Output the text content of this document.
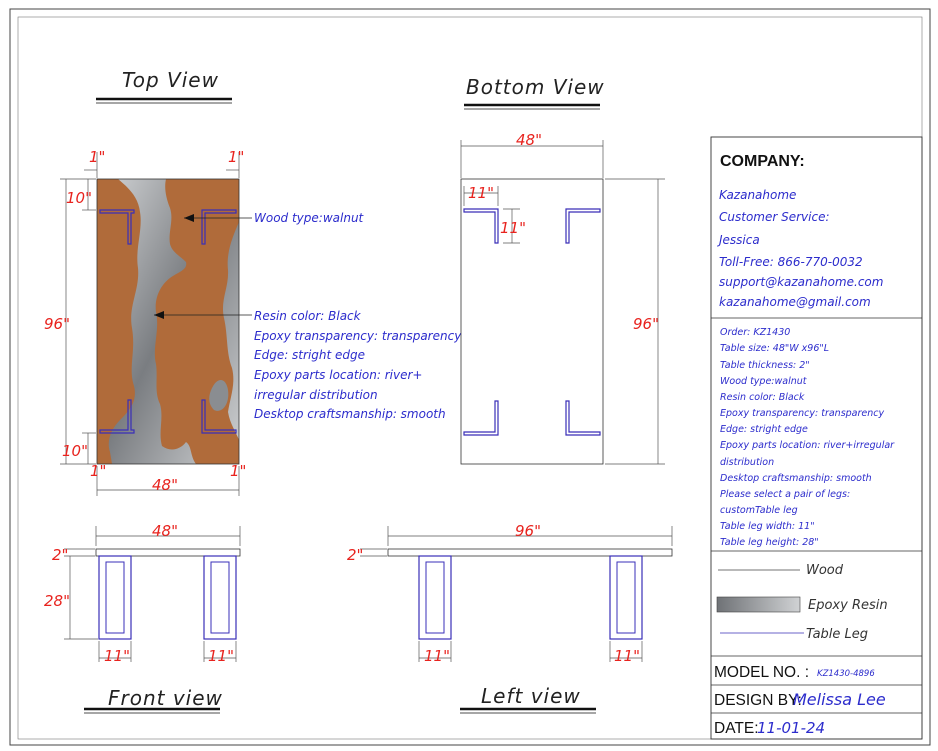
Top View
1"	1"
10"
96"
10"
1"	1"
48"
Wood type:walnut
Resin color: Black
Epoxy transparency: transparency
Edge: stright edge
Epoxy parts location: river+
irregular distribution
Desktop craftsmanship: smooth
Bottom View
48"
11"
11"
96"
48"
2"
28"
11"	11"
Front view
96"
2"
11"	11"
Left view
COMPANY:
Kazanahome
Customer Service:
Jessica
Toll-Free: 866-770-0032
support@kazanahome.com
kazanahome@gmail.com
Order: KZ1430
Table size: 48"W x96"L
Table thickness: 2"
Wood type:walnut
Resin color: Black
Epoxy transparency: transparency
Edge: stright edge
Epoxy parts location: river+irregular
distribution
Desktop craftsmanship: smooth
Please select a pair of legs:
customTable leg
Table leg width: 11"
Table leg height: 28"
Wood
Epoxy Resin
Table Leg
MODEL NO. : KZ1430-4896
DESIGN BY:
Melissa Lee
DATE:
11-01-24
